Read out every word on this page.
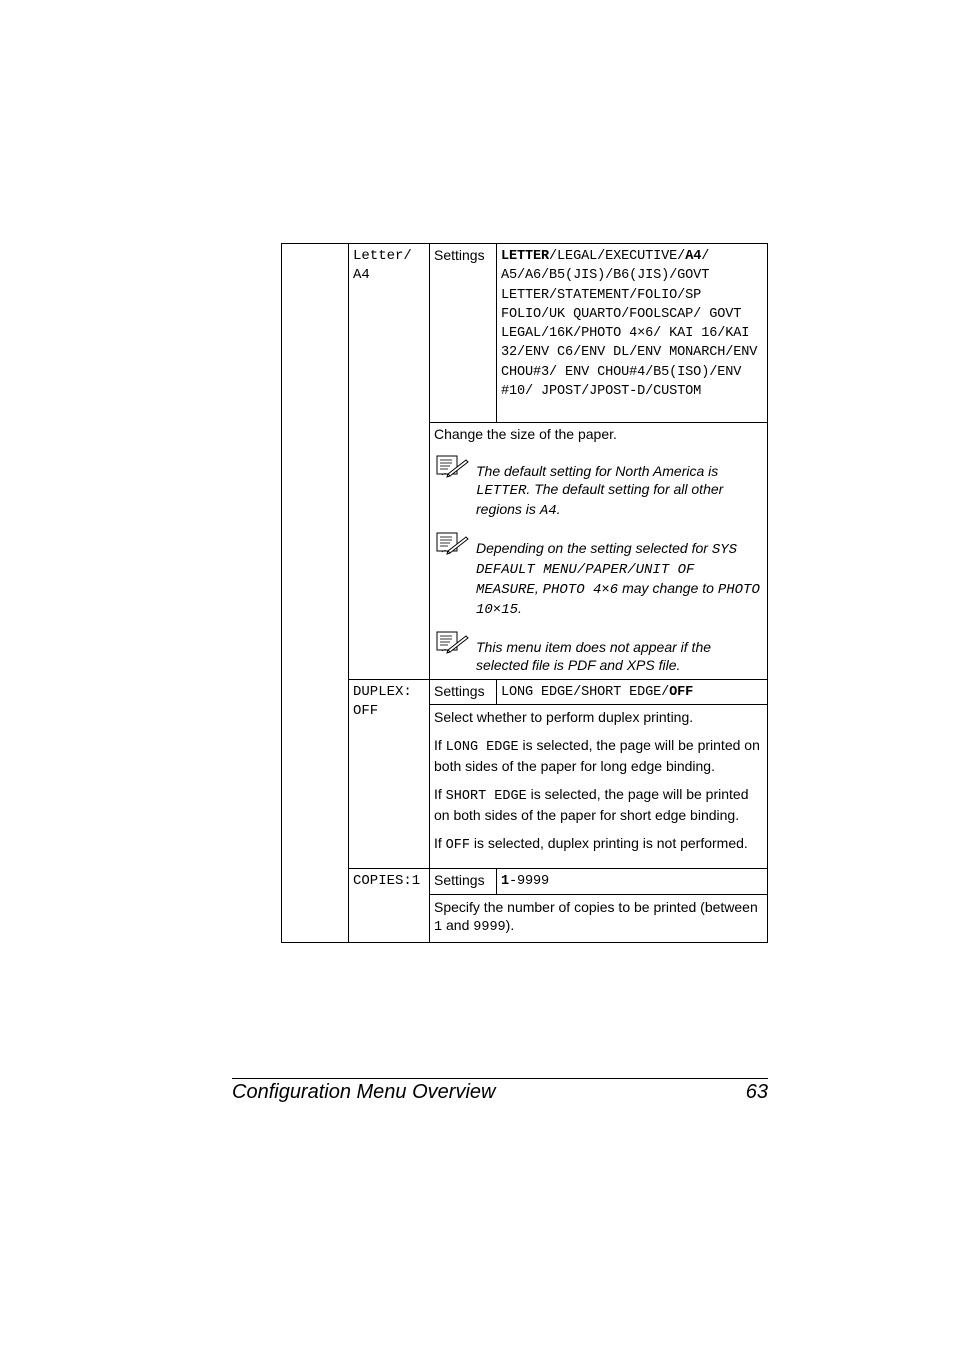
	Letter/
A4	Settings	LETTER/LEGAL/EXECUTIVE/A4/ A5/A6/B5(JIS)/B6(JIS)/GOVT LETTER/STATEMENT/FOLIO/SP FOLIO/UK QUARTO/FOOLSCAP/ GOVT LEGAL/16K/PHOTO 4×6/ KAI 16/KAI 32/ENV C6/ENV DL/ENV MONARCH/ENV CHOU#3/ ENV CHOU#4/B5(ISO)/ENV #10/ JPOST/JPOST-D/CUSTOM

		Change the size of the paper.

The default setting for North America is LETTER. The default setting for all other regions is A4.
Depending on the setting selected for SYS DEFAULT MENU/PAPER/UNIT OF MEASURE, PHOTO 4×6 may change to PHOTO 10×15.
This menu item does not appear if the selected file is PDF and XPS file.	

	DUPLEX:
OFF	Settings	LONG EDGE/SHORT EDGE/OFF

		Select whether to perform duplex printing.

If LONG EDGE is selected, the page will be printed on both sides of the paper for long edge binding.

If SHORT EDGE is selected, the page will be printed on both sides of the paper for short edge binding.

If OFF is selected, duplex printing is not performed.	

	COPIES:1	Settings	1-9999

		Specify the number of copies to be printed (between 1 and 9999).	

Configuration Menu Overview	63
